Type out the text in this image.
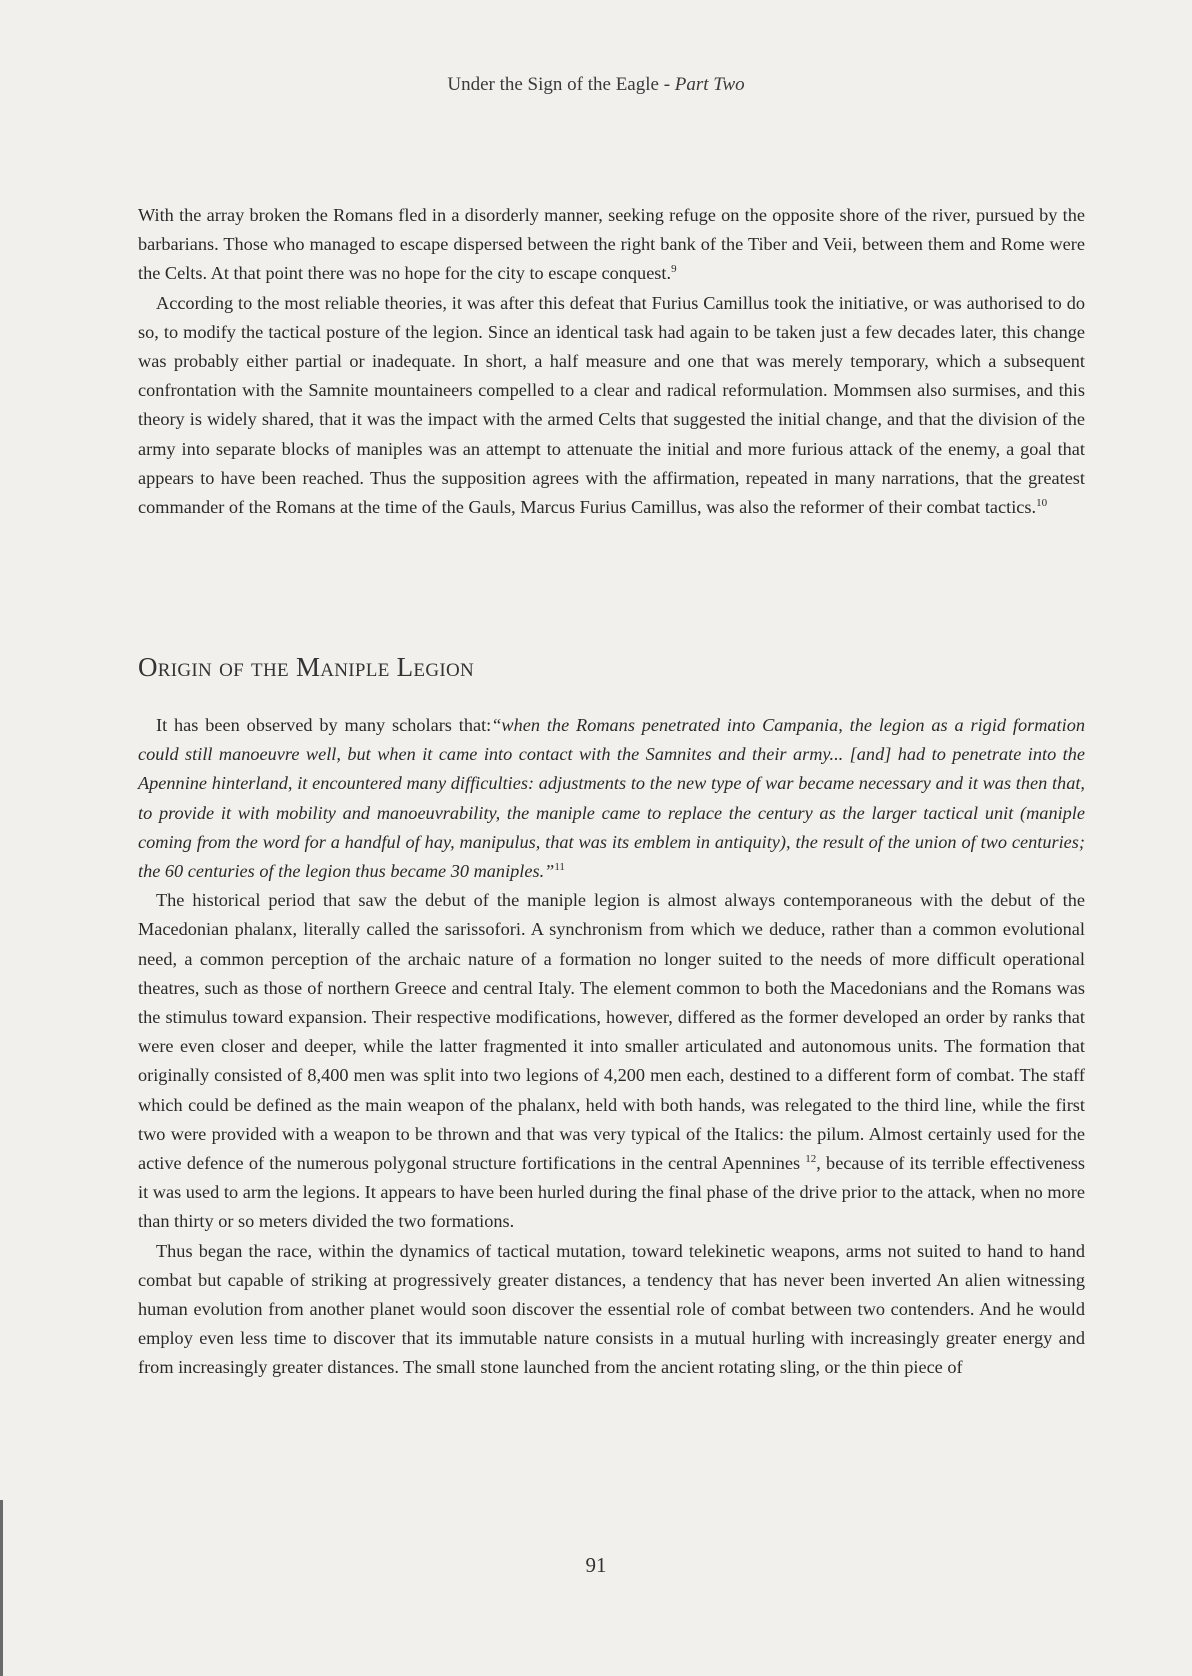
Under the Sign of the Eagle - Part Two

With the array broken the Romans fled in a disorderly manner, seeking refuge on the opposite shore of the river, pursued by the barbarians. Those who managed to escape dispersed between the right bank of the Tiber and Veii, between them and Rome were the Celts. At that point there was no hope for the city to escape conquest.$^9$

According to the most reliable theories, it was after this defeat that Furius Camillus took the initiative, or was authorised to do so, to modify the tactical posture of the legion. Since an identical task had again to be taken just a few decades later, this change was probably either partial or inadequate. In short, a half measure and one that was merely temporary, which a subsequent confrontation with the Samnite mountaineers compelled to a clear and radical reformulation. Mommsen also surmises, and this theory is widely shared, that it was the impact with the armed Celts that suggested the initial change, and that the division of the army into separate blocks of maniples was an attempt to attenuate the initial and more furious attack of the enemy, a goal that appears to have been reached. Thus the supposition agrees with the affirmation, repeated in many narrations, that the greatest commander of the Romans at the time of the Gauls, Marcus Furius Camillus, was also the reformer of their combat tactics.$^{10}$

Origin of the Maniple Legion

It has been observed by many scholars that:“when the Romans penetrated into Campania, the legion as a rigid formation could still manoeuvre well, but when it came into contact with the Samnites and their army... [and] had to penetrate into the Apennine hinterland, it encountered many difficulties: adjustments to the new type of war became necessary and it was then that, to provide it with mobility and manoeuvrability, the maniple came to replace the century as the larger tactical unit (maniple coming from the word for a handful of hay, manipulus, that was its emblem in antiquity), the result of the union of two centuries; the 60 centuries of the legion thus became 30 maniples.”$^{11}$

The historical period that saw the debut of the maniple legion is almost always contemporaneous with the debut of the Macedonian phalanx, literally called the sarissofori. A synchronism from which we deduce, rather than a common evolutional need, a common perception of the archaic nature of a formation no longer suited to the needs of more difficult operational theatres, such as those of northern Greece and central Italy. The element common to both the Macedonians and the Romans was the stimulus toward expansion. Their respective modifications, however, differed as the former developed an order by ranks that were even closer and deeper, while the latter fragmented it into smaller articulated and autonomous units. The formation that originally consisted of 8,400 men was split into two legions of 4,200 men each, destined to a different form of combat. The staff which could be defined as the main weapon of the phalanx, held with both hands, was relegated to the third line, while the first two were provided with a weapon to be thrown and that was very typical of the Italics: the pilum. Almost certainly used for the active defence of the numerous polygonal structure fortifications in the central Apennines $^{12}$, because of its terrible effectiveness it was used to arm the legions. It appears to have been hurled during the final phase of the drive prior to the attack, when no more than thirty or so meters divided the two formations.

Thus began the race, within the dynamics of tactical mutation, toward telekinetic weapons, arms not suited to hand to hand combat but capable of striking at progressively greater distances, a tendency that has never been inverted An alien witnessing human evolution from another planet would soon discover the essential role of combat between two contenders. And he would employ even less time to discover that its immutable nature consists in a mutual hurling with increasingly greater energy and from increasingly greater distances. The small stone launched from the ancient rotating sling, or the thin piece of

91
